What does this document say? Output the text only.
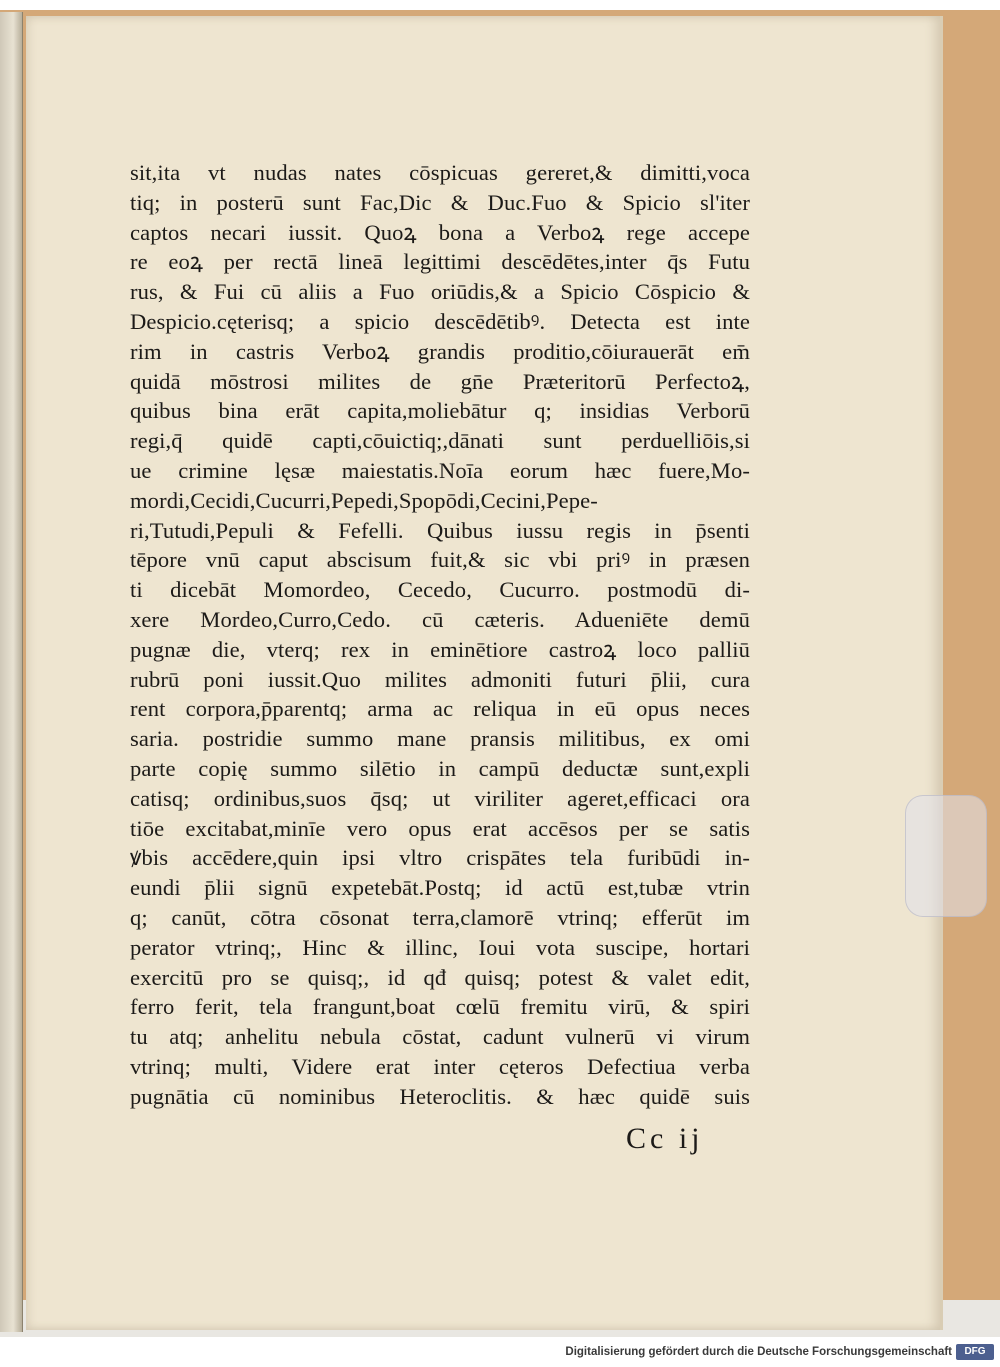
sit,ita vt nudas nates cōspicuas gereret,& dimitti,voca
tiq; in posterū sunt Fac,Dic & Duc.Fuo & Spicio sl'iter
captos necari iussit. Quoꝝ bona a Verboꝝ rege accepe
re eoꝝ per rectā lineā legittimi descēdētes,inter q̄s Futu
rus, & Fui cū aliis a Fuo oriūdis,& a Spicio Cōspicio &
Despicio.cęterisq; a spicio descēdētibꝰ. Detecta est inte
rim in castris Verboꝝ grandis proditio,cōiurauerāt em̄
quidā mōstrosi milites de gn̄e Præteritorū Perfectoꝝ,
quibus bina erāt capita,moliebātur q; insidias Verborū
regi,q̄ quidē capti,cōuictiq;,dānati sunt perduelliōis,si
ue crimine lęsæ maiestatis.Noīa eorum hæc fuere,Mo-
mordi,Cecidi,Cucurri,Pepedi,Spopōdi,Cecini,Pepe-
ri,Tutudi,Pepuli & Fefelli. Quibus iussu regis in p̄senti
tēpore vnū caput abscisum fuit,& sic vbi priꝰ in præsen
ti dicebāt Momordeo, Cecedo, Cucurro. postmodū di-
xere Mordeo,Curro,Cedo. cū cæteris. Adueniēte demū
pugnæ die, vterq; rex in eminētiore castroꝝ loco palliū
rubrū poni iussit.Quo milites admoniti futuri p̄lii, cura
rent corpora,p̄parentq; arma ac reliqua in eū opus neces
saria. postridie summo mane pransis militibus, ex omi
parte copię summo silētio in campū deductæ sunt,expli
catisq; ordinibus,suos q̄sq; ut viriliter ageret,efficaci ora
tiōe excitabat,minīe vero opus erat accēsos per se satis
ꝟbis accēdere,quin ipsi vltro crispātes tela furibūdi in-
eundi p̄lii signū expetebāt.Postq; id actū est,tubæ vtrin
q; canūt, cōtra cōsonat terra,clamorē vtrinq; efferūt im
perator vtrinq;, Hinc & illinc, Ioui vota suscipe, hortari
exercitū pro se quisq;, id qđ quisq; potest & valet edit,
ferro ferit, tela frangunt,boat cœlū fremitu virū, & spiri
tu atq; anhelitu nebula cōstat, cadunt vulnerū vi virum
vtrinq; multi, Videre erat inter cęteros Defectiua verba
pugnātia cū nominibus Heteroclitis. & hæc quidē suis
Cc ij
Digitalisierung gefördert durch die Deutsche Forschungsgemeinschaft	DFG
